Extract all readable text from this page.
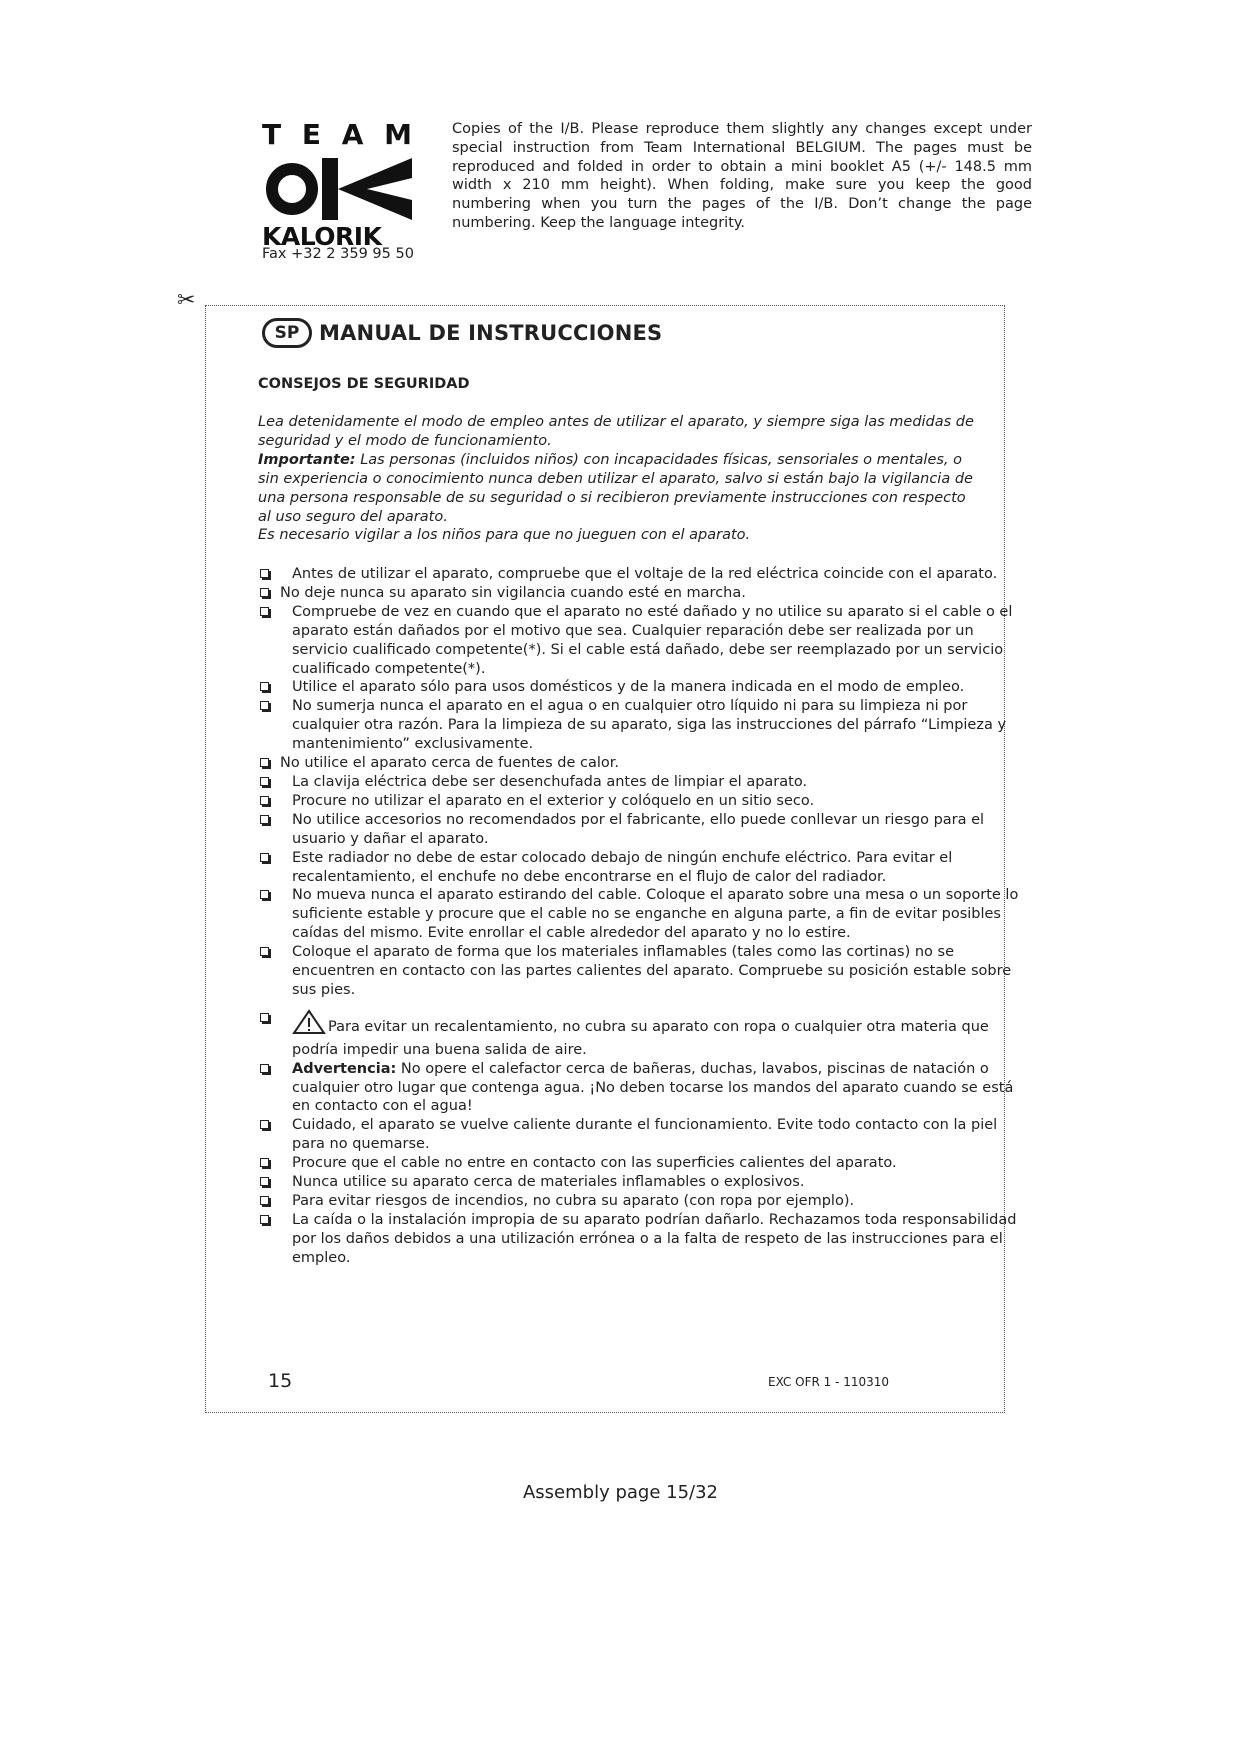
T E A M
KALORIK
Fax +32 2 359 95 50
Copies of the I/B. Please reproduce them slightly any changes except under special instruction from Team International BELGIUM. The pages must be reproduced and folded in order to obtain a mini booklet A5 (+/- 148.5 mm width x 210 mm height). When folding, make sure you keep the good numbering when you turn the pages of the I/B. Don’t change the page numbering. Keep the language integrity.
✂
SP MANUAL DE INSTRUCCIONES
CONSEJOS DE SEGURIDAD
Lea detenidamente el modo de empleo antes de utilizar el aparato, y siempre siga las medidas de seguridad y el modo de funcionamiento.
Importante: Las personas (incluidos niños) con incapacidades físicas, sensoriales o mentales, o sin experiencia o conocimiento nunca deben utilizar el aparato, salvo si están bajo la vigilancia de una persona responsable de su seguridad o si recibieron previamente instrucciones con respecto al uso seguro del aparato.
Es necesario vigilar a los niños para que no jueguen con el aparato.
Antes de utilizar el aparato, compruebe que el voltaje de la red eléctrica coincide con el aparato.
No deje nunca su aparato sin vigilancia cuando esté en marcha.
Compruebe de vez en cuando que el aparato no esté dañado y no utilice su aparato si el cable o el aparato están dañados por el motivo que sea. Cualquier reparación debe ser realizada por un servicio cualificado competente(*). Si el cable está dañado, debe ser reemplazado por un servicio cualificado competente(*).
Utilice el aparato sólo para usos domésticos y de la manera indicada en el modo de empleo.
No sumerja nunca el aparato en el agua o en cualquier otro líquido ni para su limpieza ni por cualquier otra razón. Para la limpieza de su aparato, siga las instrucciones del párrafo “Limpieza y mantenimiento” exclusivamente.
No utilice el aparato cerca de fuentes de calor.
La clavija eléctrica debe ser desenchufada antes de limpiar el aparato.
Procure no utilizar el aparato en el exterior y colóquelo en un sitio seco.
No utilice accesorios no recomendados por el fabricante, ello puede conllevar un riesgo para el usuario y dañar el aparato.
Este radiador no debe de estar colocado debajo de ningún enchufe eléctrico. Para evitar el recalentamiento, el enchufe no debe encontrarse en el flujo de calor del radiador.
No mueva nunca el aparato estirando del cable. Coloque el aparato sobre una mesa o un soporte lo suficiente estable y procure que el cable no se enganche en alguna parte, a fin de evitar posibles caídas del mismo. Evite enrollar el cable alrededor del aparato y no lo estire.
Coloque el aparato de forma que los materiales inflamables (tales como las cortinas) no se encuentren en contacto con las partes calientes del aparato. Compruebe su posición estable sobre sus pies.
Para evitar un recalentamiento, no cubra su aparato con ropa o cualquier otra materia que podría impedir una buena salida de aire.
Advertencia: No opere el calefactor cerca de bañeras, duchas, lavabos, piscinas de natación o cualquier otro lugar que contenga agua. ¡No deben tocarse los mandos del aparato cuando se está en contacto con el agua!
Cuidado, el aparato se vuelve caliente durante el funcionamiento. Evite todo contacto con la piel para no quemarse.
Procure que el cable no entre en contacto con las superficies calientes del aparato.
Nunca utilice su aparato cerca de materiales inflamables o explosivos.
Para evitar riesgos de incendios, no cubra su aparato (con ropa por ejemplo).
La caída o la instalación impropia de su aparato podrían dañarlo. Rechazamos toda responsabilidad por los daños debidos a una utilización errónea o a la falta de respeto de las instrucciones para el empleo.
15	EXC OFR 1 - 110310
Assembly page 15/32
